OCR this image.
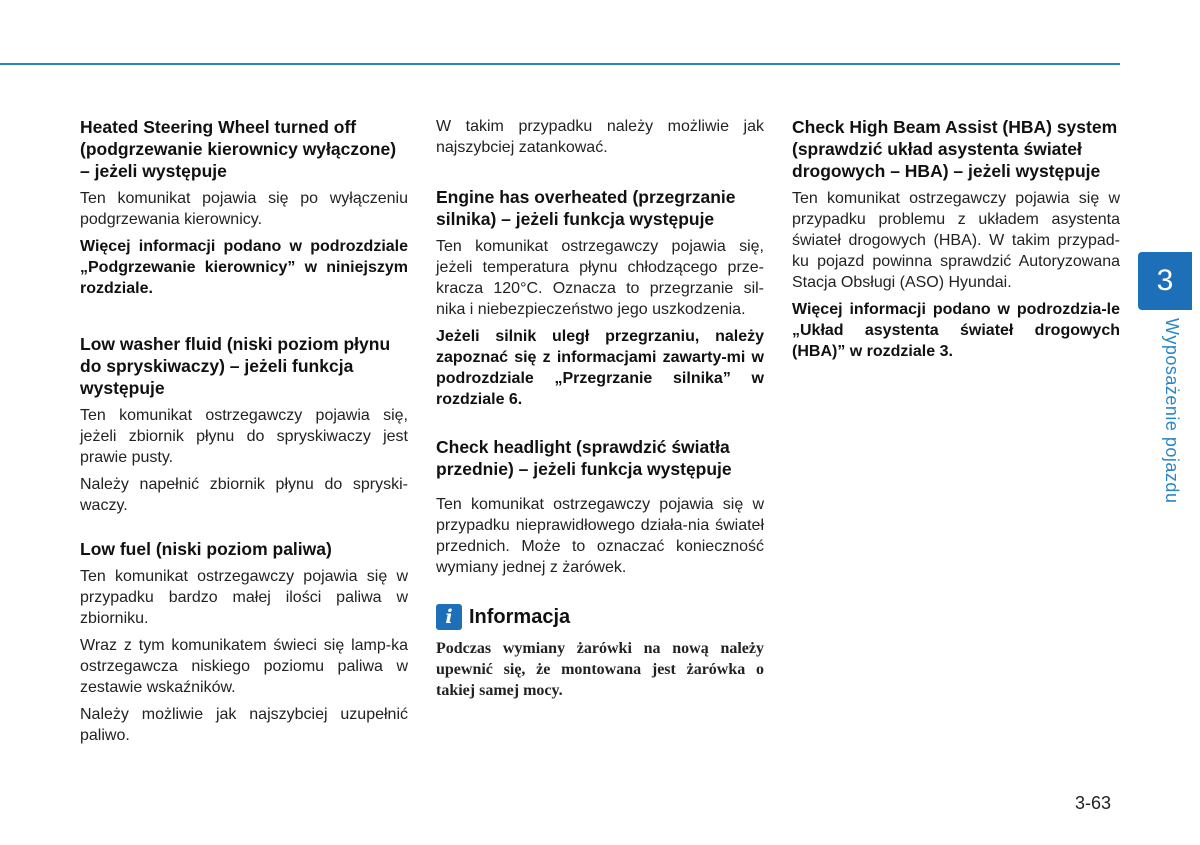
Heated Steering Wheel turned off (podgrzewanie kierownicy wyłączone) – jeżeli występuje

Ten komunikat pojawia się po wyłączeniu podgrzewania kierownicy.

Więcej informacji podano w podrozdziale „Podgrzewanie kierownicy” w niniejszym rozdziale.

Low washer fluid (niski poziom płynu do spryskiwaczy) – jeżeli funkcja występuje

Ten komunikat ostrzegawczy pojawia się, jeżeli zbiornik płynu do spryskiwaczy jest prawie pusty.

Należy napełnić zbiornik płynu do spryski-waczy.

Low fuel (niski poziom paliwa)

Ten komunikat ostrzegawczy pojawia się w przypadku bardzo małej ilości paliwa w zbiorniku.

Wraz z tym komunikatem świeci się lamp-ka ostrzegawcza niskiego poziomu paliwa w zestawie wskaźników.

Należy możliwie jak najszybciej uzupełnić paliwo.

W takim przypadku należy możliwie jak najszybciej zatankować.

Engine has overheated (przegrzanie silnika) – jeżeli funkcja występuje

Ten komunikat ostrzegawczy pojawia się, jeżeli temperatura płynu chłodzącego prze-kracza 120°C. Oznacza to przegrzanie sil-nika i niebezpieczeństwo jego uszkodzenia.

Jeżeli silnik uległ przegrzaniu, należy zapoznać się z informacjami zawarty-mi w podrozdziale „Przegrzanie silnika” w rozdziale 6.

Check headlight (sprawdzić światła przednie) – jeżeli funkcja występuje

Ten komunikat ostrzegawczy pojawia się w przypadku nieprawidłowego działa-nia świateł przednich. Może to oznaczać konieczność wymiany jednej z żarówek.

i Informacja

Podczas wymiany żarówki na nową należy upewnić się, że montowana jest żarówka o takiej samej mocy.

Check High Beam Assist (HBA) system (sprawdzić układ asystenta świateł drogowych – HBA) – jeżeli występuje

Ten komunikat ostrzegawczy pojawia się w przypadku problemu z układem asystenta świateł drogowych (HBA). W takim przypad-ku pojazd powinna sprawdzić Autoryzowana Stacja Obsługi (ASO) Hyundai.

Więcej informacji podano w podrozdzia-le „Układ asystenta świateł drogowych (HBA)” w rozdziale 3.

3
Wyposażenie pojazdu
3-63
